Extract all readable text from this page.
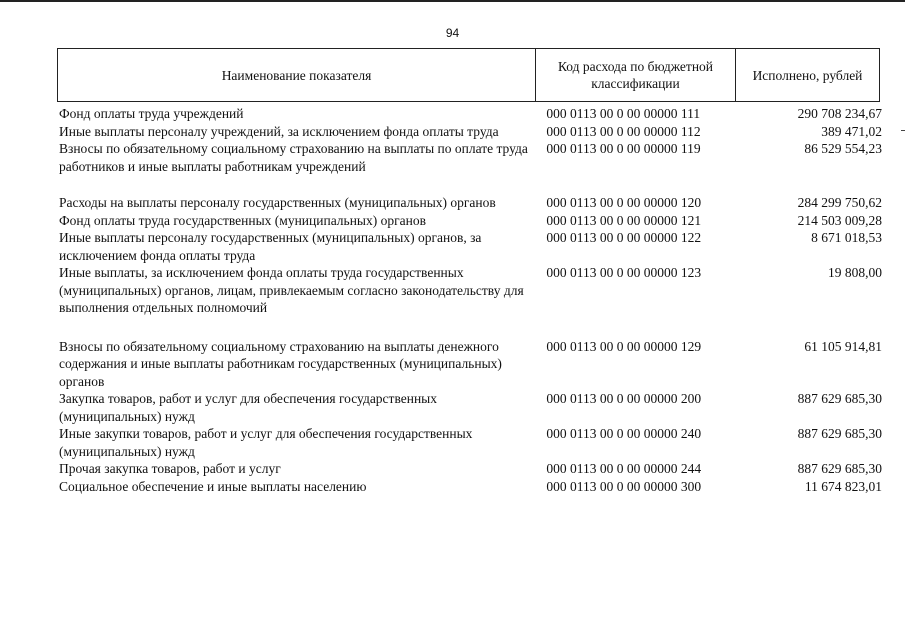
94
Наименование показателя
Код расхода по бюджетной классификации
Исполнено, рублей
Фонд оплаты труда учреждений	000 0113 00 0 00 00000 111	290 708 234,67
Иные выплаты персоналу учреждений, за исключением фонда оплаты труда	000 0113 00 0 00 00000 112	389 471,02
Взносы по обязательному социальному страхованию на выплаты по оплате труда работников и иные выплаты работникам учреждений
000 0113 00 0 00 00000 119	86 529 554,23
Расходы на выплаты персоналу государственных (муниципальных) органов	000 0113 00 0 00 00000 120	284 299 750,62
Фонд оплаты труда государственных (муниципальных) органов	000 0113 00 0 00 00000 121	214 503 009,28
Иные выплаты персоналу государственных (муниципальных) органов, за исключением фонда оплаты труда
000 0113 00 0 00 00000 122	8 671 018,53
Иные выплаты, за исключением фонда оплаты труда государственных (муниципальных) органов, лицам, привлекаемым согласно законодательству для выполнения отдельных полномочий
000 0113 00 0 00 00000 123	19 808,00
Взносы по обязательному социальному страхованию на выплаты денежного содержания и иные выплаты работникам государственных (муниципальных) органов
000 0113 00 0 00 00000 129	61 105 914,81
Закупка товаров, работ и услуг для обеспечения государственных (муниципальных) нужд
000 0113 00 0 00 00000 200	887 629 685,30
Иные закупки товаров, работ и услуг для обеспечения государственных (муниципальных) нужд
000 0113 00 0 00 00000 240	887 629 685,30
Прочая закупка товаров, работ и услуг	000 0113 00 0 00 00000 244	887 629 685,30
Социальное обеспечение и иные выплаты населению	000 0113 00 0 00 00000 300	11 674 823,01
